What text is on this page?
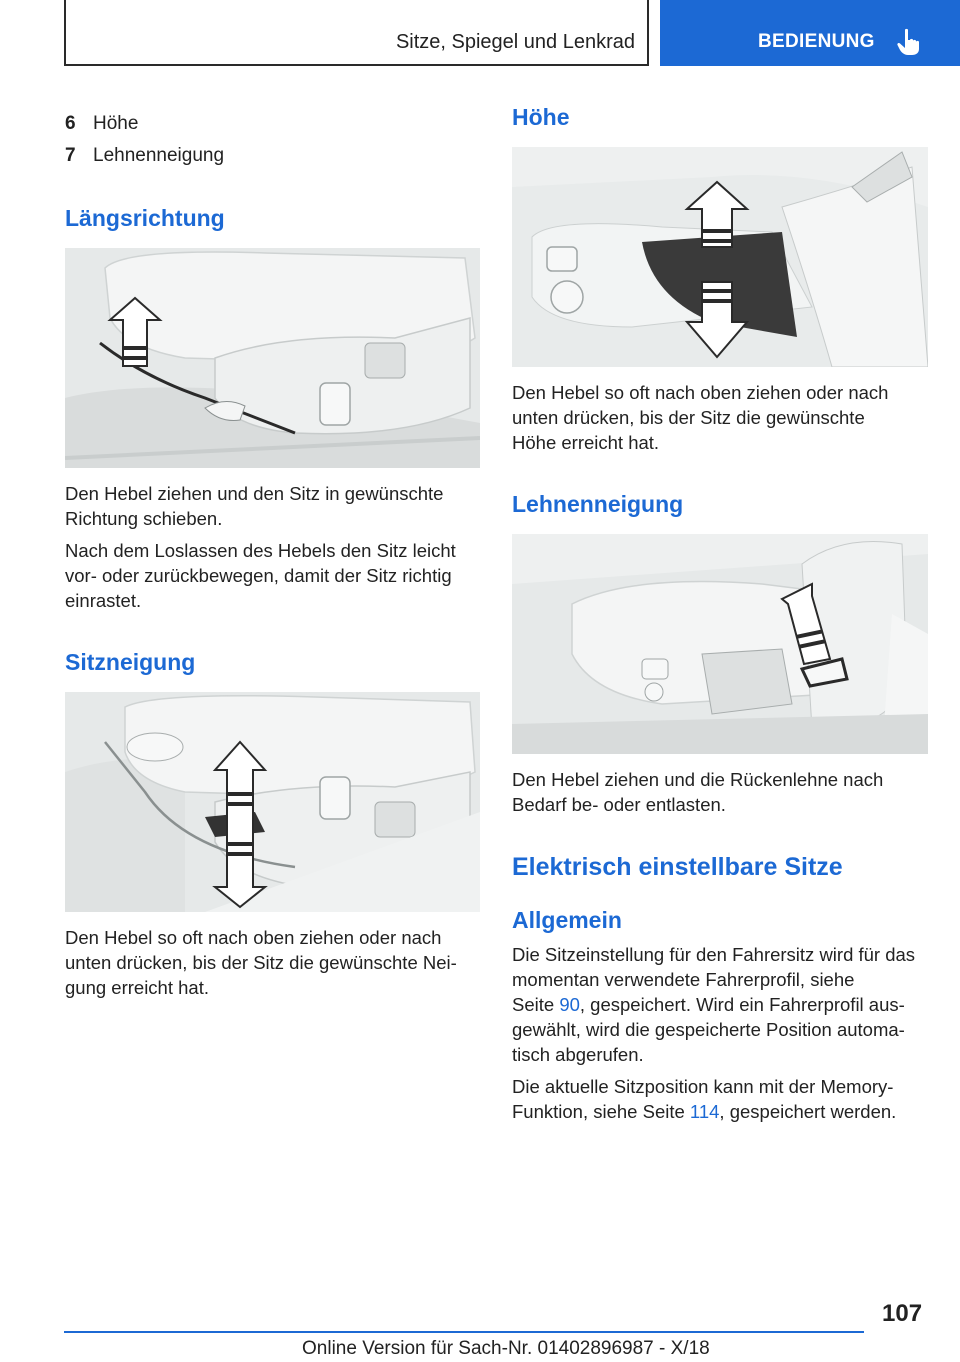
Sitze, Spiegel und Lenkrad	BEDIENUNG
6 Höhe
7 Lehnenneigung
Längsrichtung
Den Hebel ziehen und den Sitz in gewünschte
Richtung schieben.
Nach dem Loslassen des Hebels den Sitz leicht
vor- oder zurückbewegen, damit der Sitz richtig
einrastet.
Sitzneigung
Den Hebel so oft nach oben ziehen oder nach
unten drücken, bis der Sitz die gewünschte Nei-
gung erreicht hat.
Höhe
Den Hebel so oft nach oben ziehen oder nach
unten drücken, bis der Sitz die gewünschte
Höhe erreicht hat.
Lehnenneigung
Den Hebel ziehen und die Rückenlehne nach
Bedarf be- oder entlasten.
Elektrisch einstellbare Sitze
Allgemein
Die Sitzeinstellung für den Fahrersitz wird für das
momentan verwendete Fahrerprofil, siehe
Seite 90, gespeichert. Wird ein Fahrerprofil aus-
gewählt, wird die gespeicherte Position automa-
tisch abgerufen.
Die aktuelle Sitzposition kann mit der Memory-
Funktion, siehe Seite 114, gespeichert werden.
107
Online Version für Sach-Nr. 01402896987 - X/18
